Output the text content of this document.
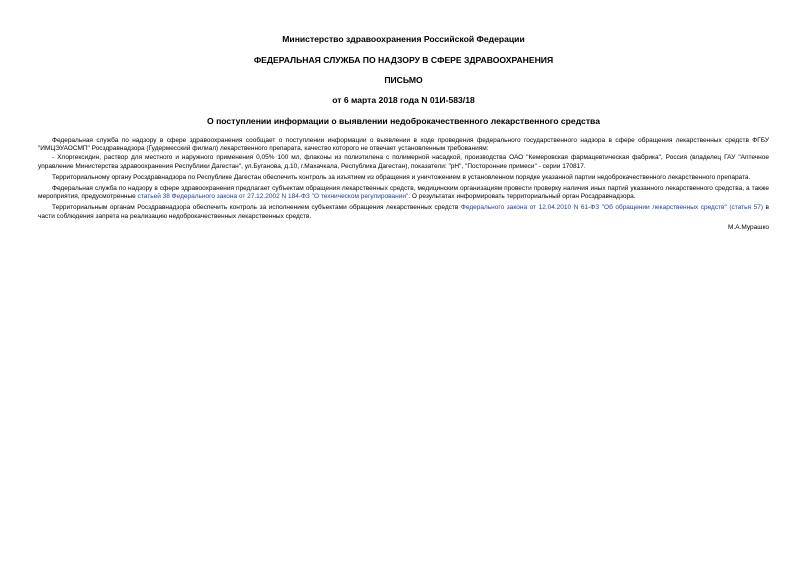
Министерство здравоохранения Российской Федерации
ФЕДЕРАЛЬНАЯ СЛУЖБА ПО НАДЗОРУ В СФЕРЕ ЗДРАВООХРАНЕНИЯ
ПИСЬМО
от 6 марта 2018 года N 01И-583/18
О поступлении информации о выявлении недоброкачественного лекарственного средства

Федеральная служба по надзору в сфере здравоохранения сообщает о поступлении информации о выявлении в ходе проведения федерального государственного надзора в сфере обращения лекарственных средств ФГБУ "ИМЦЭУАОСМП" Росздравнадзора (Гудермесский филиал) лекарственного препарата, качество которого не отвечает установленным требованиям:

- Хлоргексидин, раствор для местного и наружного применения 0,05% 100 мл, флаконы из полиэтилена с полимерной насадкой, производства ОАО "Кемеровская фармацевтическая фабрика", Россия (владелец ГАУ "Аптечное управление Министерства здравоохранения Республики Дагестан", ул.Буганова, д.10, г.Махачкала, Республика Дагестан), показатели: "pH", "Посторонние примеси" - серии 170817.

Территориальному органу Росздравнадзора по Республике Дагестан обеспечить контроль за изъятием из обращения и уничтожением в установленном порядке указанной партии недоброкачественного лекарственного препарата.

Федеральная служба по надзору в сфере здравоохранения предлагает субъектам обращения лекарственных средств, медицинским организациям провести проверку наличия иных партий указанного лекарственного средства, а также мероприятия, предусмотренные статьей 38 Федерального закона от 27.12.2002 N 184-ФЗ "О техническом регулировании". О результатах информировать территориальный орган Росздравнадзора.

Территориальным органам Росздравнадзора обеспечить контроль за исполнением субъектами обращения лекарственных средств Федерального закона от 12.04.2010 N 61-ФЗ "Об обращении лекарственных средств" (статья 57) в части соблюдения запрета на реализацию недоброкачественных лекарственных средств.

М.А.Мурашко
